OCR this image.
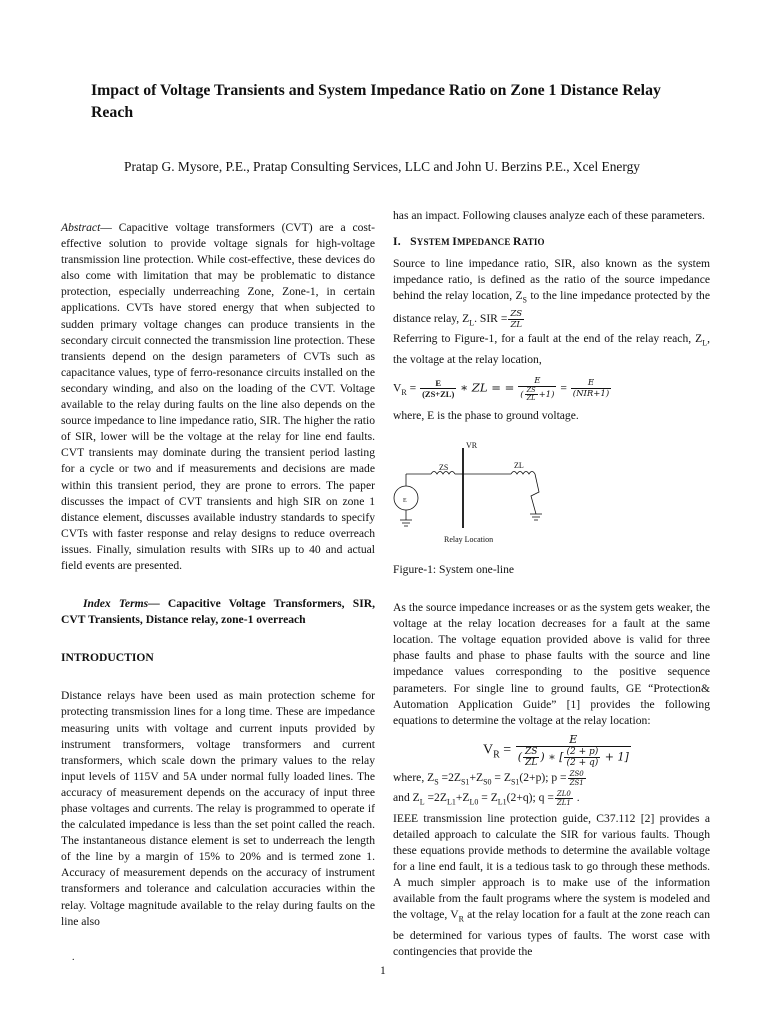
Impact of Voltage Transients and System Impedance Ratio on Zone 1 Distance Relay Reach
Pratap G. Mysore, P.E., Pratap Consulting Services, LLC and John U. Berzins P.E., Xcel Energy

Abstract— Capacitive voltage transformers (CVT) are a cost-effective solution to provide voltage signals for high-voltage transmission line protection. While cost-effective, these devices do also come with limitation that may be problematic to distance protection, especially underreaching Zone, Zone-1, in certain applications. CVTs have stored energy that when subjected to sudden primary voltage changes can produce transients in the secondary circuit connected the transmission line protection. These transients depend on the design parameters of CVTs such as capacitance values, type of ferro-resonance circuits installed on the secondary winding, and also on the loading of the CVT. Voltage available to the relay during faults on the line also depends on the source impedance to line impedance ratio, SIR. The higher the ratio of SIR, lower will be the voltage at the relay for line end faults. CVT transients may dominate during the transient period lasting for a cycle or two and if measurements and decisions are made within this transient period, they are prone to errors. The paper discusses the impact of CVT transients and high SIR on zone 1 distance element, discusses available industry standards to specify CVTs with faster response and relay designs to reduce overreach issues. Finally, simulation results with SIRs up to 40 and actual field events are presented.

Index Terms— Capacitive Voltage Transformers, SIR, CVT Transients, Distance relay, zone-1 overreach

INTRODUCTION

Distance relays have been used as main protection scheme for protecting transmission lines for a long time. These are impedance measuring units with voltage and current inputs provided by instrument transformers, voltage transformers and current transformers, which scale down the primary values to the relay input levels of 115V and 5A under normal fully loaded lines. The accuracy of measurement depends on the accuracy of input three phase voltages and currents. The relay is programmed to operate if the calculated impedance is less than the set point called the reach. The instantaneous distance element is set to underreach the length of the line by a margin of 15% to 20% and is termed zone 1. Accuracy of measurement depends on the accuracy of instrument transformers and tolerance and calculation accuracies within the relay. Voltage magnitude available to the relay during faults on the line also

has an impact. Following clauses analyze each of these parameters.

I. SYSTEM IMPEDANCE RATIO

Source to line impedance ratio, SIR, also known as the system impedance ratio, is defined as the ratio of the source impedance behind the relay location, $Z_S$ to the line impedance protected by the distance relay, $Z_L$. SIR = $\frac{ZS}{ZL}$

Referring to Figure-1, for a fault at the end of the relay reach, $Z_L$, the voltage at the relay location,

$V_R = \frac{E}{(ZS+ZL)}$ ∗ ZL = = $\frac{E}{( \frac{ZS}{ZL} +1)} = \frac{E}{\text{(NIR+1)}}$

where, E is the phase to ground voltage.

VR
ZS	ZL
E
Relay Location

Figure-1: System one-line

As the source impedance increases or as the system gets weaker, the voltage at the relay location decreases for a fault at the same location. The voltage equation provided above is valid for three phase faults and phase to phase faults with the source and line impedance values corresponding to the positive sequence parameters. For single line to ground faults, GE “Protection& Automation Application Guide” [1] provides the following equations to determine the voltage at the relay location:

$V_R = \frac{E}{( \frac{ZS}{ZL} ) ∗ [ \frac{(2 + p)}{(2 + q)} + 1]}$

where, $Z_S =2Z_{S1}+Z_{S0} = Z_{S1}(2+p)$; $p = \frac{ZS0}{ZS1}$

and $Z_L =2Z_{L1}+Z_{L0} = Z_{L1}(2+q)$; $q = \frac{ZL0}{ZL1}$ .

IEEE transmission line protection guide, C37.112 [2] provides a detailed approach to calculate the SIR for various faults. Though these equations provide methods to determine the available voltage for a line end fault, it is a tedious task to go through these methods. A much simpler approach is to make use of the information available from the fault programs where the system is modeled and the voltage, $V_R$ at the relay location for a fault at the zone reach can be determined for various types of faults. The worst case with contingencies that provide the

.
1
